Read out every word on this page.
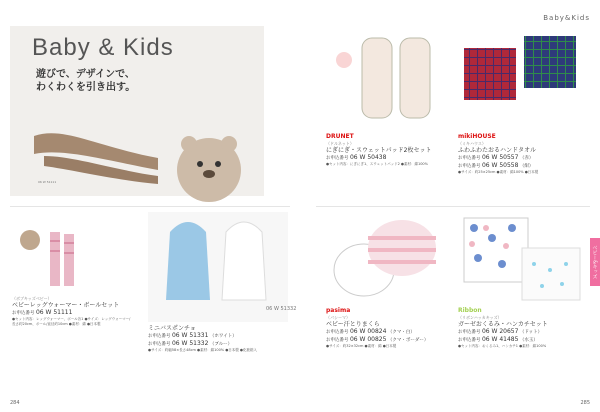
Baby & Kids
遊びで、デザインで、
わくわくを引き出す。
06 W 51111
（ボブキッズベビー）
ベビーレッグウォーマー・ボールセット
お申込番号 06 W 51111
●セット内容：レッグウォーマー、ボール各1 ●サイズ：レッグウォーマー/長さ約20cm、ボール/直径約10cm ●素材：綿 ●日本製
06 W 51332
ミニバスポンチョ
お申込番号 06 W 51331 （ホワイト）
お申込番号 06 W 51332 （ブルー）
●サイズ：約幅58×長さ48cm ●素材：綿100% ●日本製 ●化粧箱入
284
Baby&Kids
DRUNET
（ドルネット）
にぎにぎ・スウェットパッド2枚セット
お申込番号 06 W 50438
●セット内容：にぎにぎ1、スウェットパッド2 ●素材：綿100%
mikiHOUSE
（ミキハウス）
ふわふわたおるハンドタオル
お申込番号 06 W 50557 （赤）
お申込番号 06 W 50558 （紺）
●サイズ：約25×25cm ●素材：綿100% ●日本製
pasima
（パシーマ）
ベビー汗とりまくら
お申込番号 06 W 00824 （クマ・白）
お申込番号 06 W 00825 （クマ・ボーダー）
●サイズ：約32×32cm ●素材：綿 ●日本製
Ribbon
（リボンハッカキッズ）
ガーゼおくるみ・ハンカチセット
お申込番号 06 W 20657 （ドット）
お申込番号 06 W 41485 （水玉）
●セット内容：おくるみ1、ハンカチ1 ●素材：綿100%
ベビー&キッズ
285
